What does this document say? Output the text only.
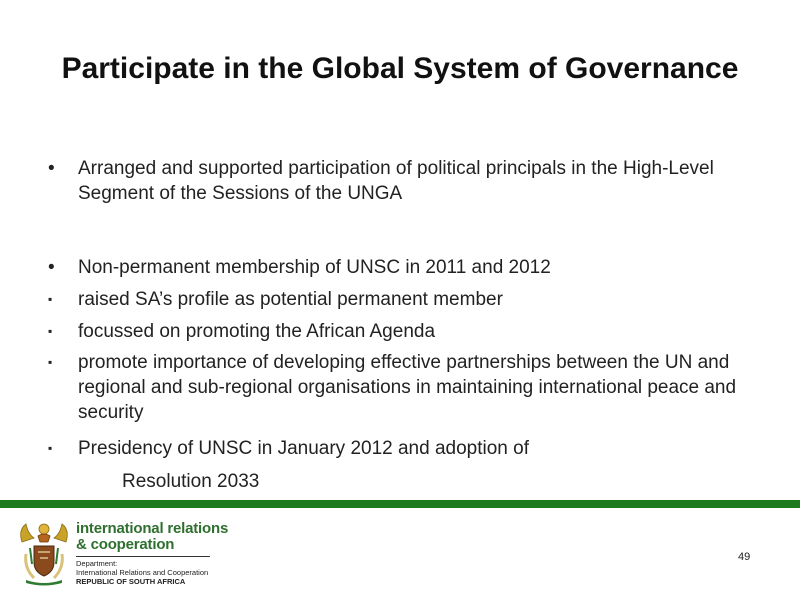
Participate in the Global System of Governance
•	Arranged and supported participation of political principals in the High-Level Segment of the Sessions of the UNGA
•	Non-permanent membership of UNSC in 2011 and 2012
▪	raised SA’s profile as potential permanent member
▪	focussed on promoting the African Agenda
▪	promote importance of developing effective partnerships between the UN and regional and sub-regional organisations in maintaining international peace and security
▪	Presidency of UNSC in January 2012 and adoption of
Resolution 2033
international relations
& cooperation
Department:
International Relations and Cooperation
REPUBLIC OF SOUTH AFRICA
49
